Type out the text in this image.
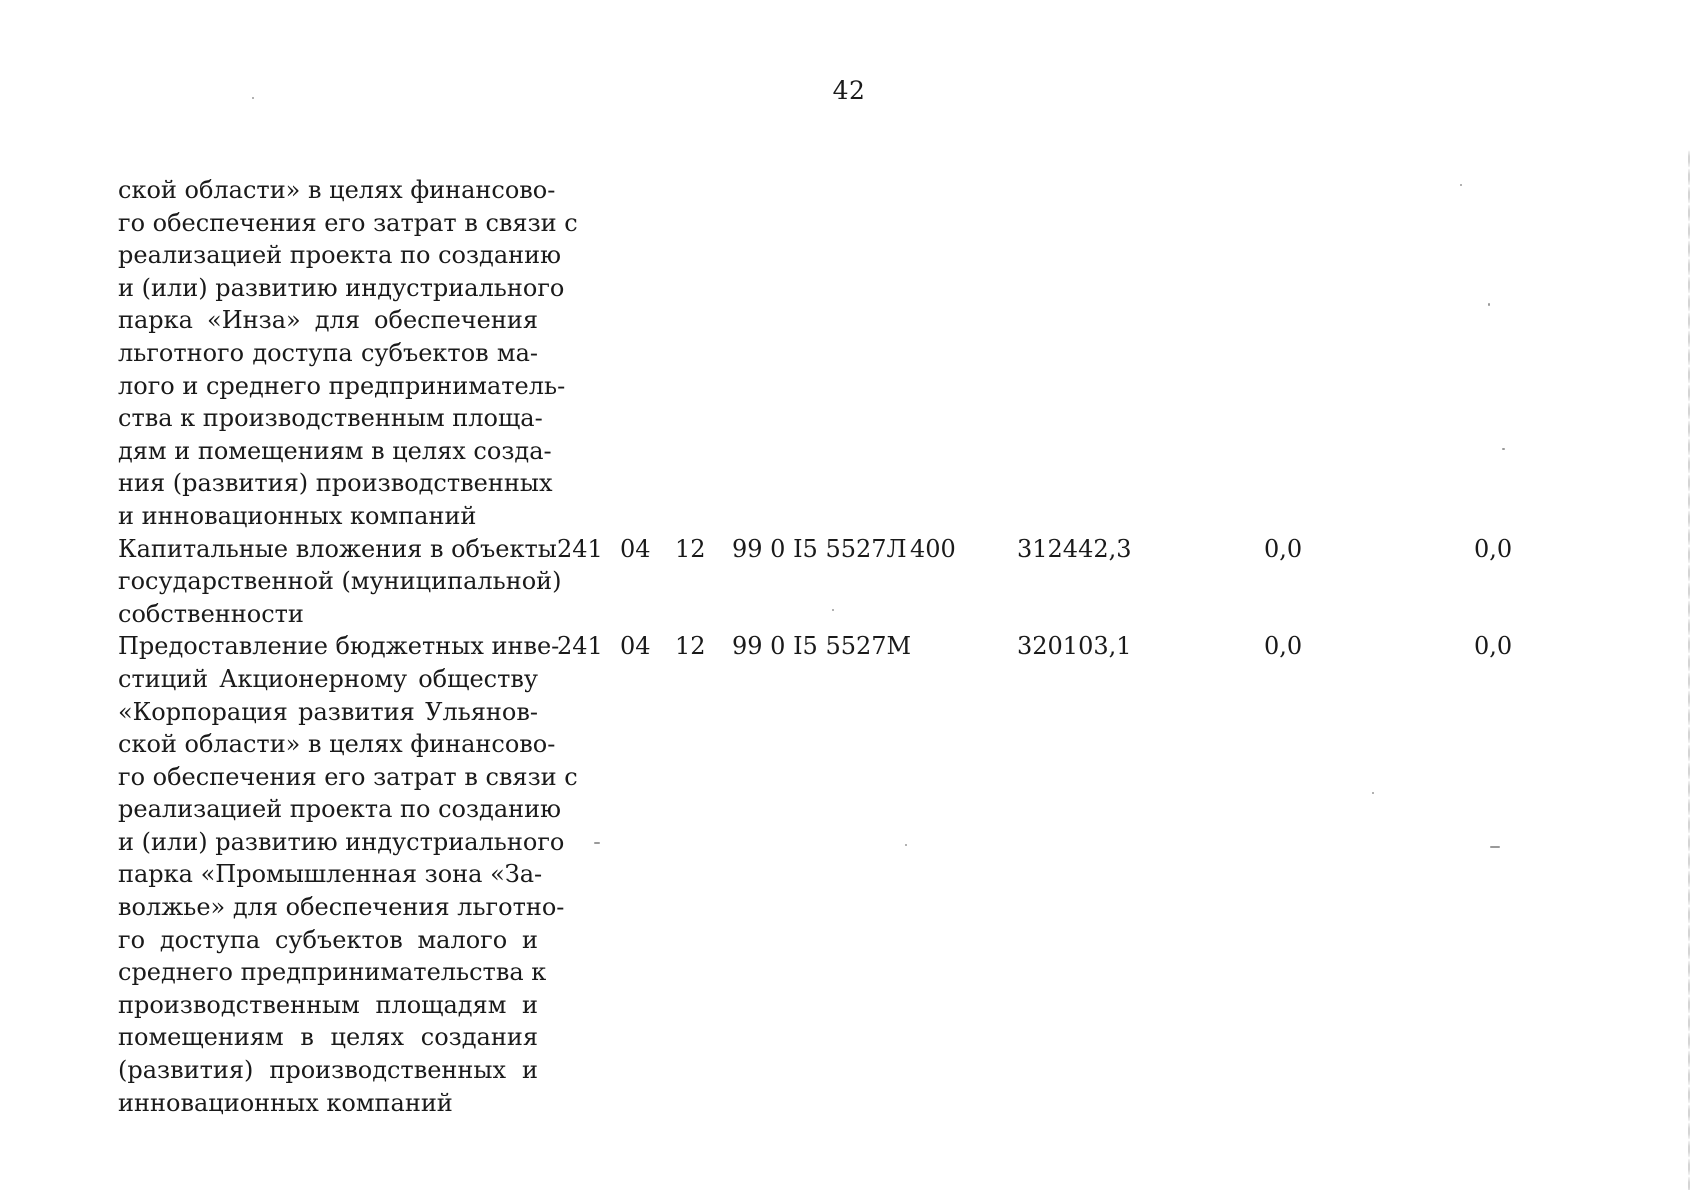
42
ской области» в целях финансово-
го обеспечения его затрат в связи с
реализацией проекта по созданию
и (или) развитию индустриального
парка «Инза» для обеспечения
льготного доступа субъектов ма-
лого и среднего предприниматель-
ства к производственным площа-
дям и помещениям в целях созда-
ния (развития) производственных
и инновационных компаний
Капитальные вложения в объекты
государственной (муниципальной)
собственности
241 04 12 99 0 I5 5527Л 400	312442,3	0,0	0,0
Предоставление бюджетных инве-
стиций Акционерному обществу
«Корпорация развития Ульянов-
ской области» в целях финансово-
го обеспечения его затрат в связи с
реализацией проекта по созданию
и (или) развитию индустриального
парка «Промышленная зона «За-
волжье» для обеспечения льготно-
го доступа субъектов малого и
среднего предпринимательства к
производственным площадям и
помещениям в целях создания
(развития) производственных и
инновационных компаний
241 04 12 99 0 I5 5527М	320103,1	0,0	0,0
